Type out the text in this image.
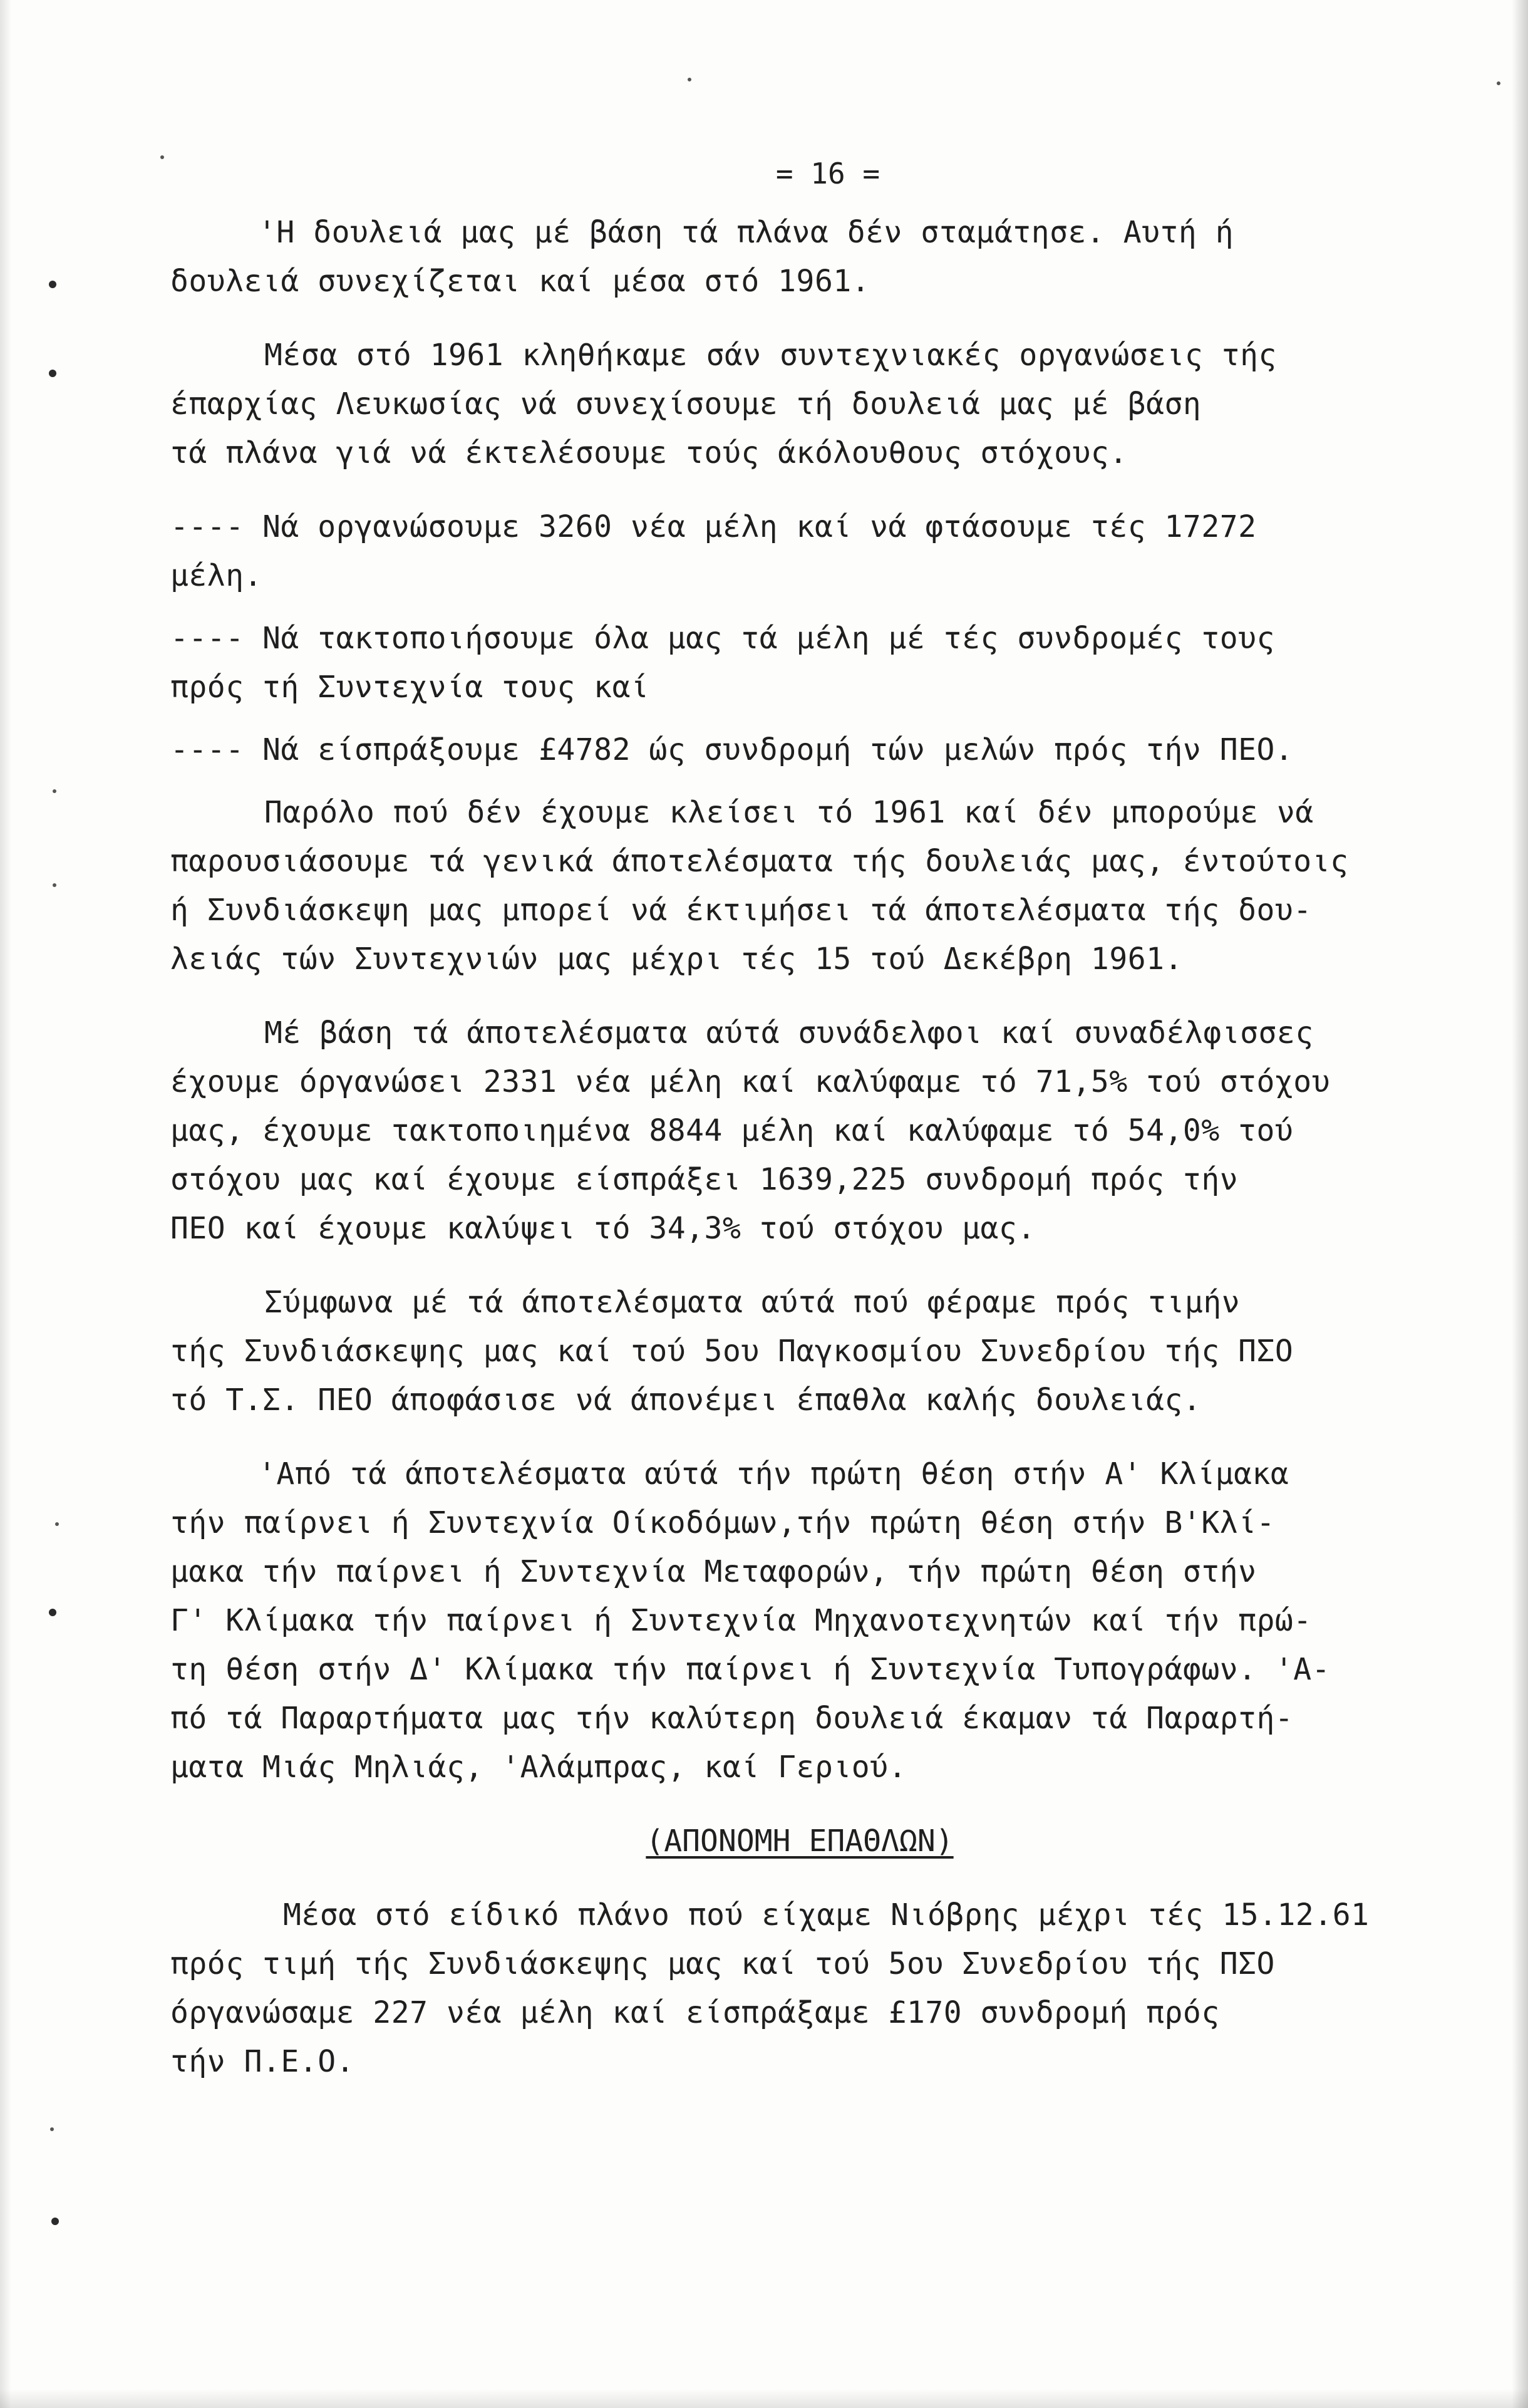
= 16 =
'Η δουλειά μας μέ βάση τά πλάνα δέν σταμάτησε. Αυτή ή
δουλειά συνεχίζεται καί μέσα στό 1961.
Μέσα στό 1961 κληθήκαμε σάν συντεχνιακές οργανώσεις τής
έπαρχίας Λευκωσίας νά συνεχίσουμε τή δουλειά μας μέ βάση
τά πλάνα γιά νά έκτελέσουμε τούς άκόλουθους στόχους.
---- Νά οργανώσουμε 3260 νέα μέλη καί νά φτάσουμε τές 17272
μέλη.
---- Νά τακτοποιήσουμε όλα μας τά μέλη μέ τές συνδρομές τους
πρός τή Συντεχνία τους καί
---- Νά είσπράξουμε £4782 ώς συνδρομή τών μελών πρός τήν ΠΕΟ.
Παρόλο πού δέν έχουμε κλείσει τό 1961 καί δέν μπορούμε νά
παρουσιάσουμε τά γενικά άποτελέσματα τής δουλειάς μας, έντούτοις
ή Συνδιάσκεψη μας μπορεί νά έκτιμήσει τά άποτελέσματα τής δου-
λειάς τών Συντεχνιών μας μέχρι τές 15 τού Δεκέβρη 1961.
Μέ βάση τά άποτελέσματα αύτά συνάδελφοι καί συναδέλφισσες
έχουμε όργανώσει 2331 νέα μέλη καί καλύφαμε τό 71,5% τού στόχου
μας, έχουμε τακτοποιημένα 8844 μέλη καί καλύφαμε τό 54,0% τού
στόχου μας καί έχουμε είσπράξει 1639,225 συνδρομή πρός τήν
ΠΕΟ καί έχουμε καλύψει τό 34,3% τού στόχου μας.
Σύμφωνα μέ τά άποτελέσματα αύτά πού φέραμε πρός τιμήν
τής Συνδιάσκεψης μας καί τού 5ου Παγκοσμίου Συνεδρίου τής ΠΣΟ
τό Τ.Σ. ΠΕΟ άποφάσισε νά άπονέμει έπαθλα καλής δουλειάς.
'Από τά άποτελέσματα αύτά τήν πρώτη θέση στήν Α' Κλίμακα
τήν παίρνει ή Συντεχνία Οίκοδόμων,τήν πρώτη θέση στήν Β'Κλί-
μακα τήν παίρνει ή Συντεχνία Μεταφορών, τήν πρώτη θέση στήν
Γ' Κλίμακα τήν παίρνει ή Συντεχνία Μηχανοτεχνητών καί τήν πρώ-
τη θέση στήν Δ' Κλίμακα τήν παίρνει ή Συντεχνία Τυπογράφων. 'Α-
πό τά Παραρτήματα μας τήν καλύτερη δουλειά έκαμαν τά Παραρτή-
ματα Μιάς Μηλιάς, 'Αλάμπρας, καί Γεριού.
(ΑΠΟΝΟΜΗ ΕΠΑΘΛΩΝ)
Μέσα στό είδικό πλάνο πού είχαμε Νιόβρης μέχρι τές 15.12.61
πρός τιμή τής Συνδιάσκεψης μας καί τού 5ου Συνεδρίου τής ΠΣΟ
όργανώσαμε 227 νέα μέλη καί είσπράξαμε £170 συνδρομή πρός
τήν Π.Ε.Ο.
